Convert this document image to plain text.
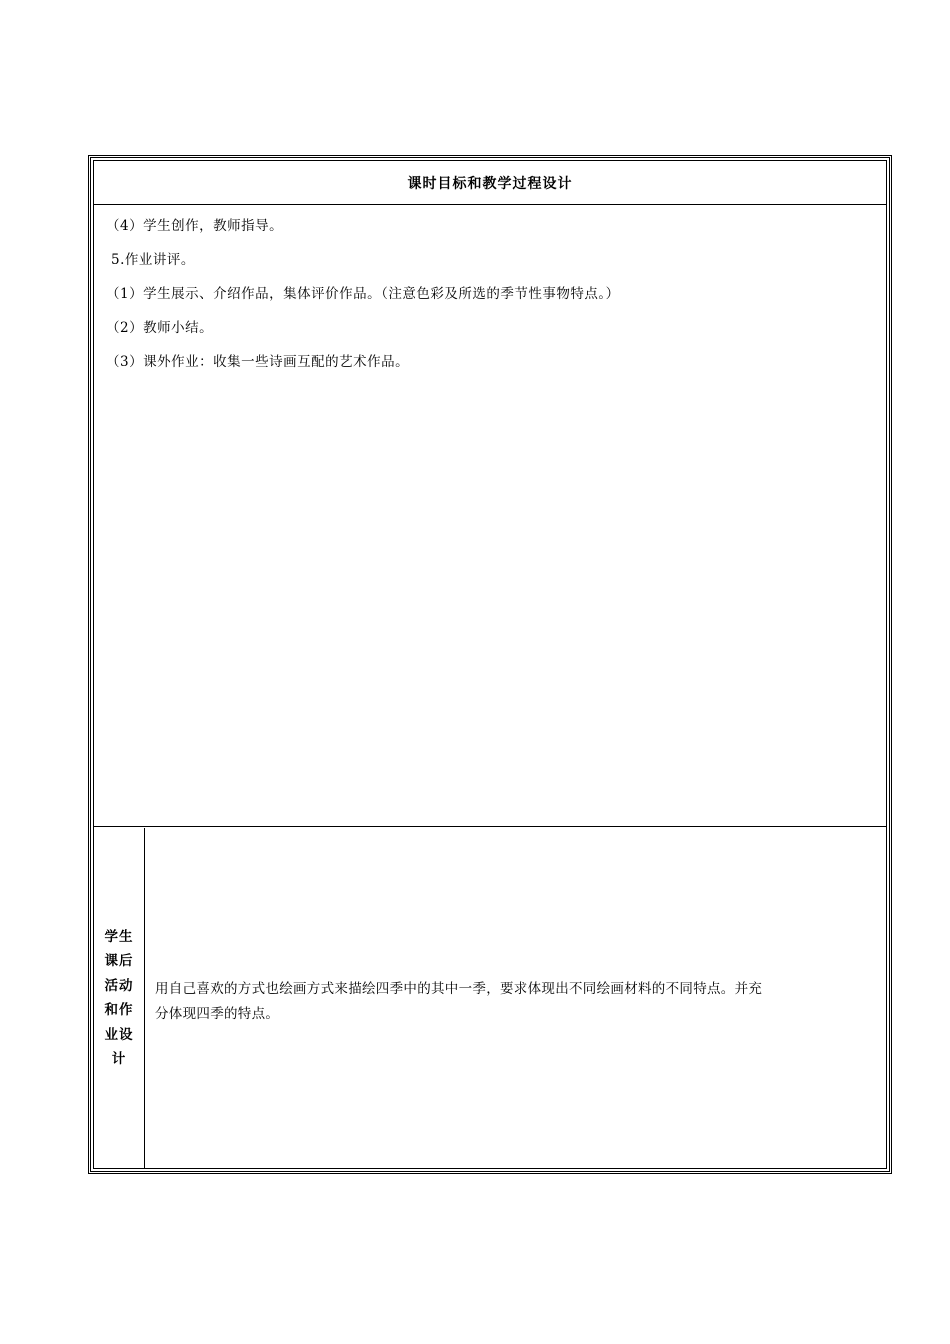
课时目标和教学过程设计
（4）学生创作，教师指导。
5.作业讲评。
（1）学生展示、介绍作品，集体评价作品。（注意色彩及所选的季节性事物特点。）
（2）教师小结。
（3）课外作业：收集一些诗画互配的艺术作品。
学生
课后
活动
和作
业设
计
用自己喜欢的方式也绘画方式来描绘四季中的其中一季，要求体现出不同绘画材料的不同特点。并充
分体现四季的特点。
